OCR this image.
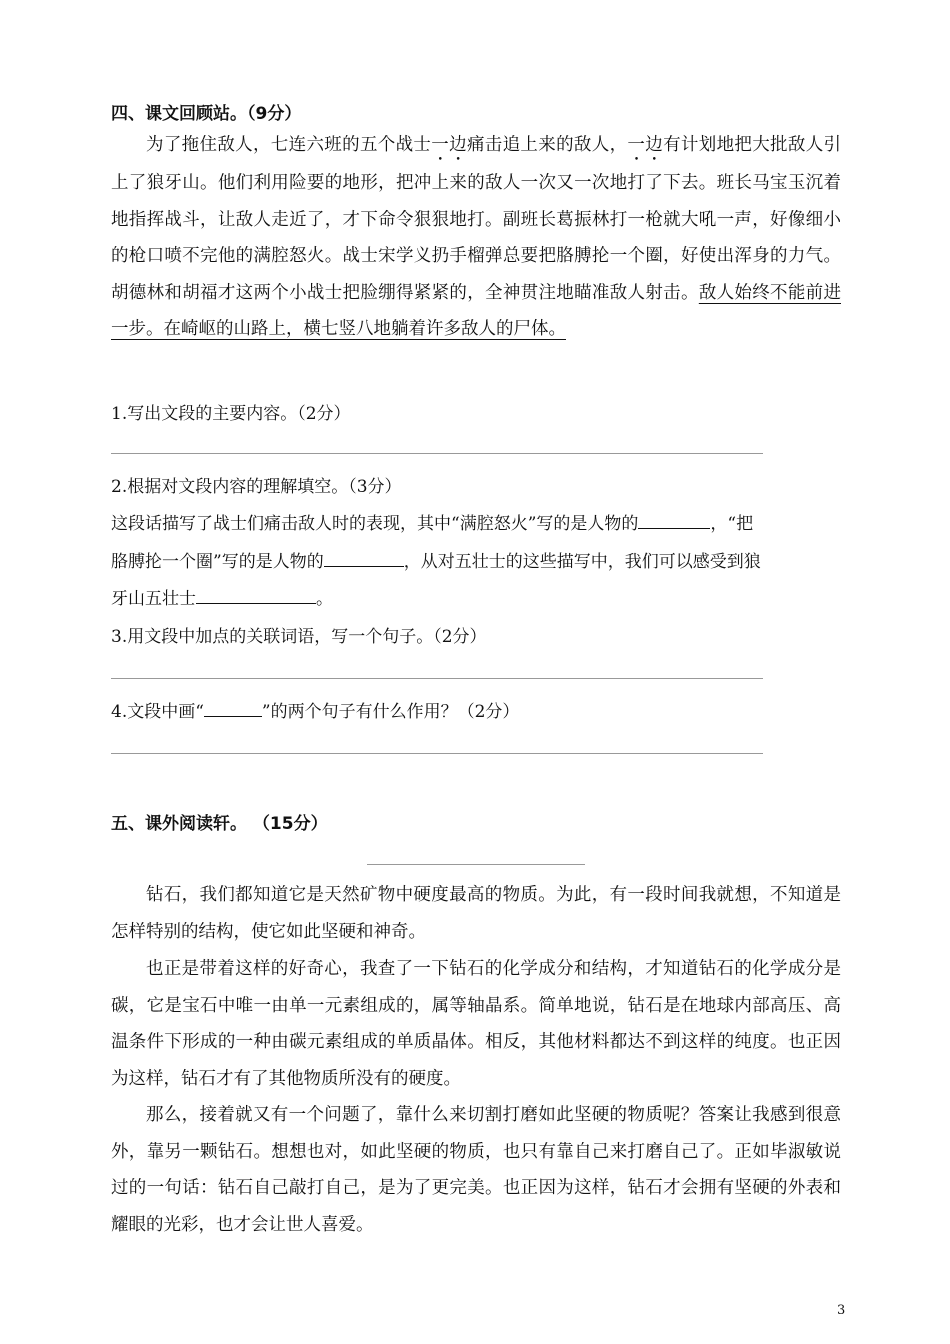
四、课文回顾站。（9分）

为了拖住敌人，七连六班的五个战士一边痛击追上来的敌人，一边有计划地把大批敌人引上了狼牙山。他们利用险要的地形，把冲上来的敌人一次又一次地打了下去。班长马宝玉沉着地指挥战斗，让敌人走近了，才下命令狠狠地打。副班长葛振林打一枪就大吼一声，好像细小的枪口喷不完他的满腔怒火。战士宋学义扔手榴弹总要把胳膊抡一个圈，好使出浑身的力气。胡德林和胡福才这两个小战士把脸绷得紧紧的，全神贯注地瞄准敌人射击。敌人始终不能前进一步。在崎岖的山路上，横七竖八地躺着许多敌人的尸体。

1.写出文段的主要内容。（2分）
2.根据对文段内容的理解填空。（3分）
这段话描写了战士们痛击敌人时的表现，其中“满腔怒火”写的是人物的	，“把
胳膊抡一个圈”写的是人物的	，从对五壮士的这些描写中，我们可以感受到狼
牙山五壮士	。
3.用文段中加点的关联词语，写一个句子。（2分）
4.文段中画“	”的两个句子有什么作用？（2分）
五、课外阅读轩。 （15分）

钻石，我们都知道它是天然矿物中硬度最高的物质。为此，有一段时间我就想，不知道是怎样特别的结构，使它如此坚硬和神奇。

也正是带着这样的好奇心，我查了一下钻石的化学成分和结构，才知道钻石的化学成分是碳，它是宝石中唯一由单一元素组成的，属等轴晶系。简单地说，钻石是在地球内部高压、高温条件下形成的一种由碳元素组成的单质晶体。相反，其他材料都达不到这样的纯度。也正因为这样，钻石才有了其他物质所没有的硬度。

那么，接着就又有一个问题了，靠什么来切割打磨如此坚硬的物质呢？答案让我感到很意外，靠另一颗钻石。想想也对，如此坚硬的物质，也只有靠自己来打磨自己了。正如毕淑敏说过的一句话：钻石自己敲打自己，是为了更完美。也正因为这样，钻石才会拥有坚硬的外表和耀眼的光彩，也才会让世人喜爱。

3
